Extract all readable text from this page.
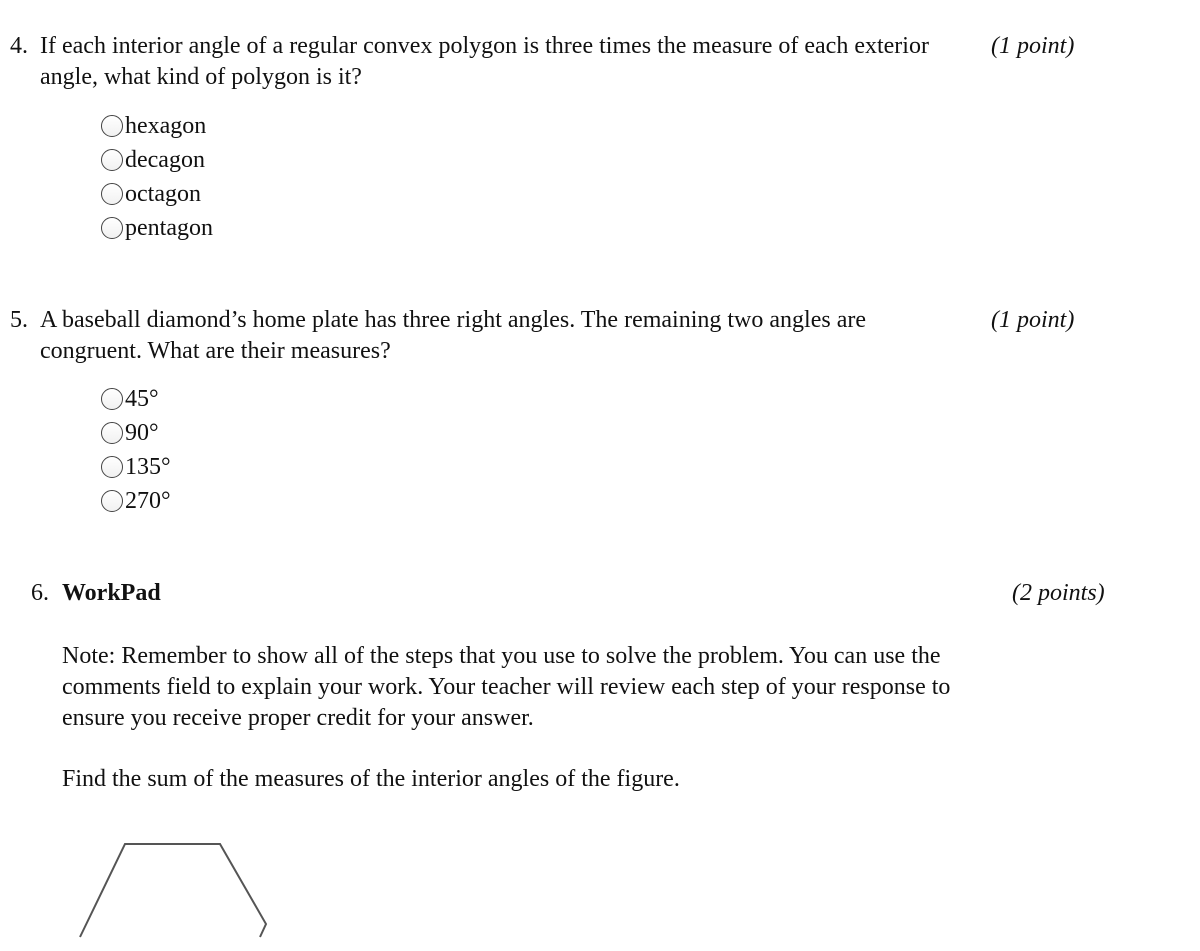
4. If each interior angle of a regular convex polygon is three times the measure of each exterior angle, what kind of polygon is it?
(1 point)
hexagon
decagon
octagon
pentagon
5. A baseball diamond’s home plate has three right angles. The remaining two angles are congruent. What are their measures?
(1 point)
45°
90°
135°
270°
6. WorkPad	(2 points)
Note: Remember to show all of the steps that you use to solve the problem. You can use the comments field to explain your work. Your teacher will review each step of your response to ensure you receive proper credit for your answer.
Find the sum of the measures of the interior angles of the figure.
